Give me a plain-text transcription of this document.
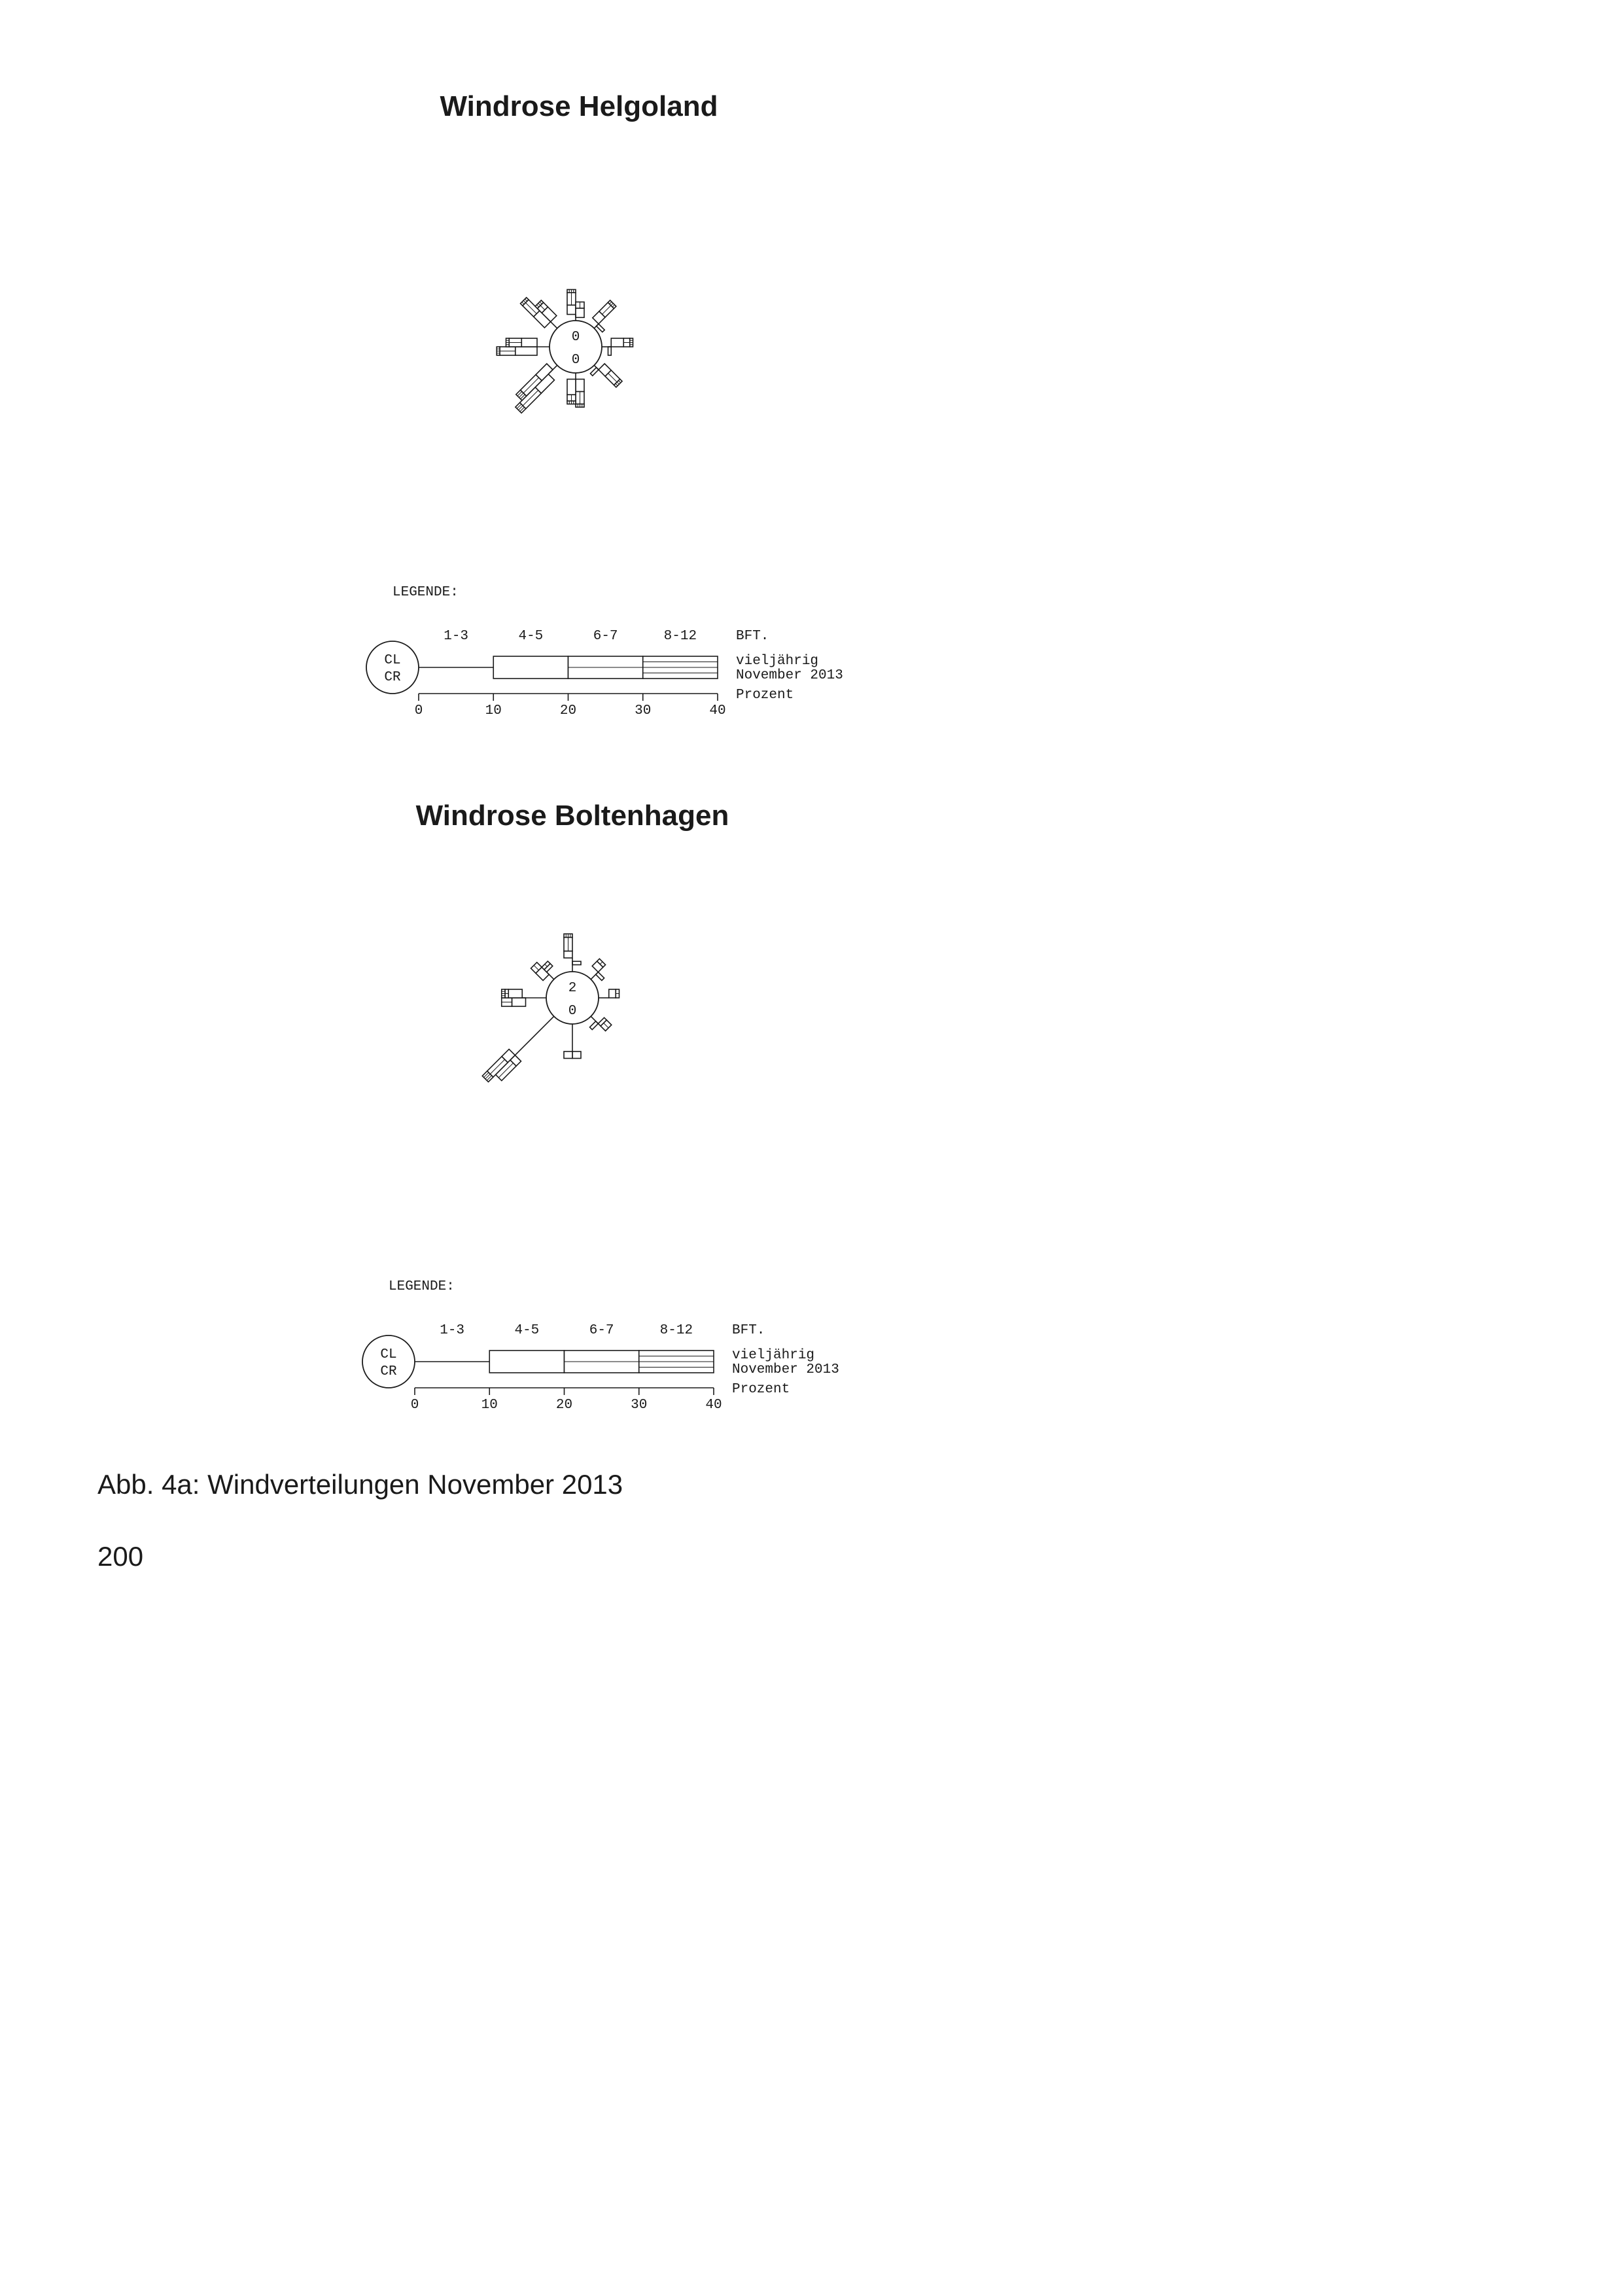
Windrose Helgoland
0
0
LEGENDE:
CL
CR
1-3	4-5	6-7	8-12	BFT.
vieljährig
November 2013
0	10	20	30	40
Prozent
Windrose Boltenhagen
2
0
LEGENDE:
CL
CR
1-3	4-5	6-7	8-12	BFT.
vieljährig
November 2013
0	10	20	30	40
Prozent
Abb. 4a: Windverteilungen November 2013
200
